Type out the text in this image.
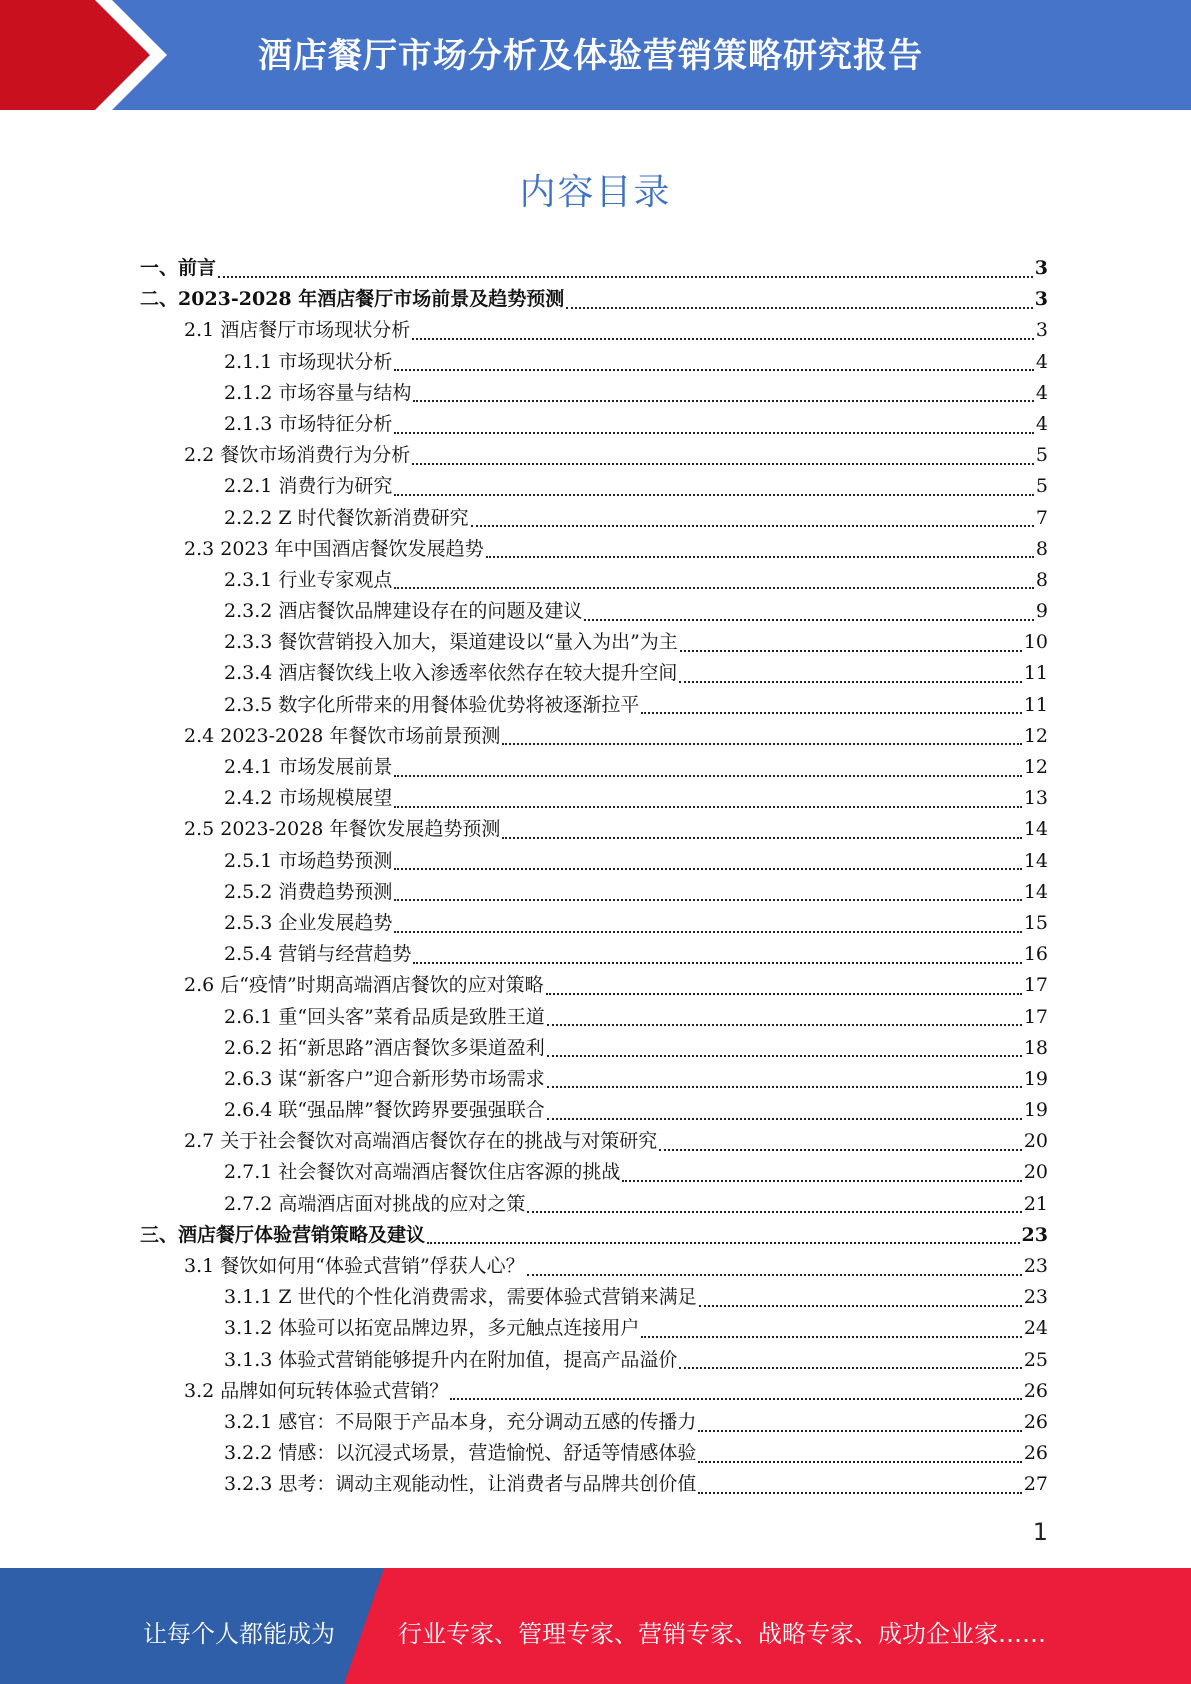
酒店餐厅市场分析及体验营销策略研究报告
内容目录
一、前言	3
二、2023-2028 年酒店餐厅市场前景及趋势预测	3
2.1 酒店餐厅市场现状分析	3
2.1.1 市场现状分析	4
2.1.2 市场容量与结构	4
2.1.3 市场特征分析	4
2.2 餐饮市场消费行为分析	5
2.2.1 消费行为研究	5
2.2.2 Z 时代餐饮新消费研究	7
2.3 2023 年中国酒店餐饮发展趋势	8
2.3.1 行业专家观点	8
2.3.2 酒店餐饮品牌建设存在的问题及建议	9
2.3.3 餐饮营销投入加大，渠道建设以“量入为出”为主	10
2.3.4 酒店餐饮线上收入渗透率依然存在较大提升空间	11
2.3.5 数字化所带来的用餐体验优势将被逐渐拉平	11
2.4 2023-2028 年餐饮市场前景预测	12
2.4.1 市场发展前景	12
2.4.2 市场规模展望	13
2.5 2023-2028 年餐饮发展趋势预测	14
2.5.1 市场趋势预测	14
2.5.2 消费趋势预测	14
2.5.3 企业发展趋势	15
2.5.4 营销与经营趋势	16
2.6 后“疫情”时期高端酒店餐饮的应对策略	17
2.6.1 重“回头客”菜肴品质是致胜王道	17
2.6.2 拓“新思路”酒店餐饮多渠道盈利	18
2.6.3 谋“新客户”迎合新形势市场需求	19
2.6.4 联“强品牌”餐饮跨界要强强联合	19
2.7 关于社会餐饮对高端酒店餐饮存在的挑战与对策研究	20
2.7.1 社会餐饮对高端酒店餐饮住店客源的挑战	20
2.7.2 高端酒店面对挑战的应对之策	21
三、酒店餐厅体验营销策略及建议	23
3.1 餐饮如何用“体验式营销”俘获人心？	23
3.1.1 Z 世代的个性化消费需求，需要体验式营销来满足	23
3.1.2 体验可以拓宽品牌边界，多元触点连接用户	24
3.1.3 体验式营销能够提升内在附加值，提高产品溢价	25
3.2 品牌如何玩转体验式营销？	26
3.2.1 感官：不局限于产品本身，充分调动五感的传播力	26
3.2.2 情感：以沉浸式场景，营造愉悦、舒适等情感体验	26
3.2.3 思考：调动主观能动性，让消费者与品牌共创价值	27
1
让每个人都能成为	行业专家、管理专家、营销专家、战略专家、成功企业家……
